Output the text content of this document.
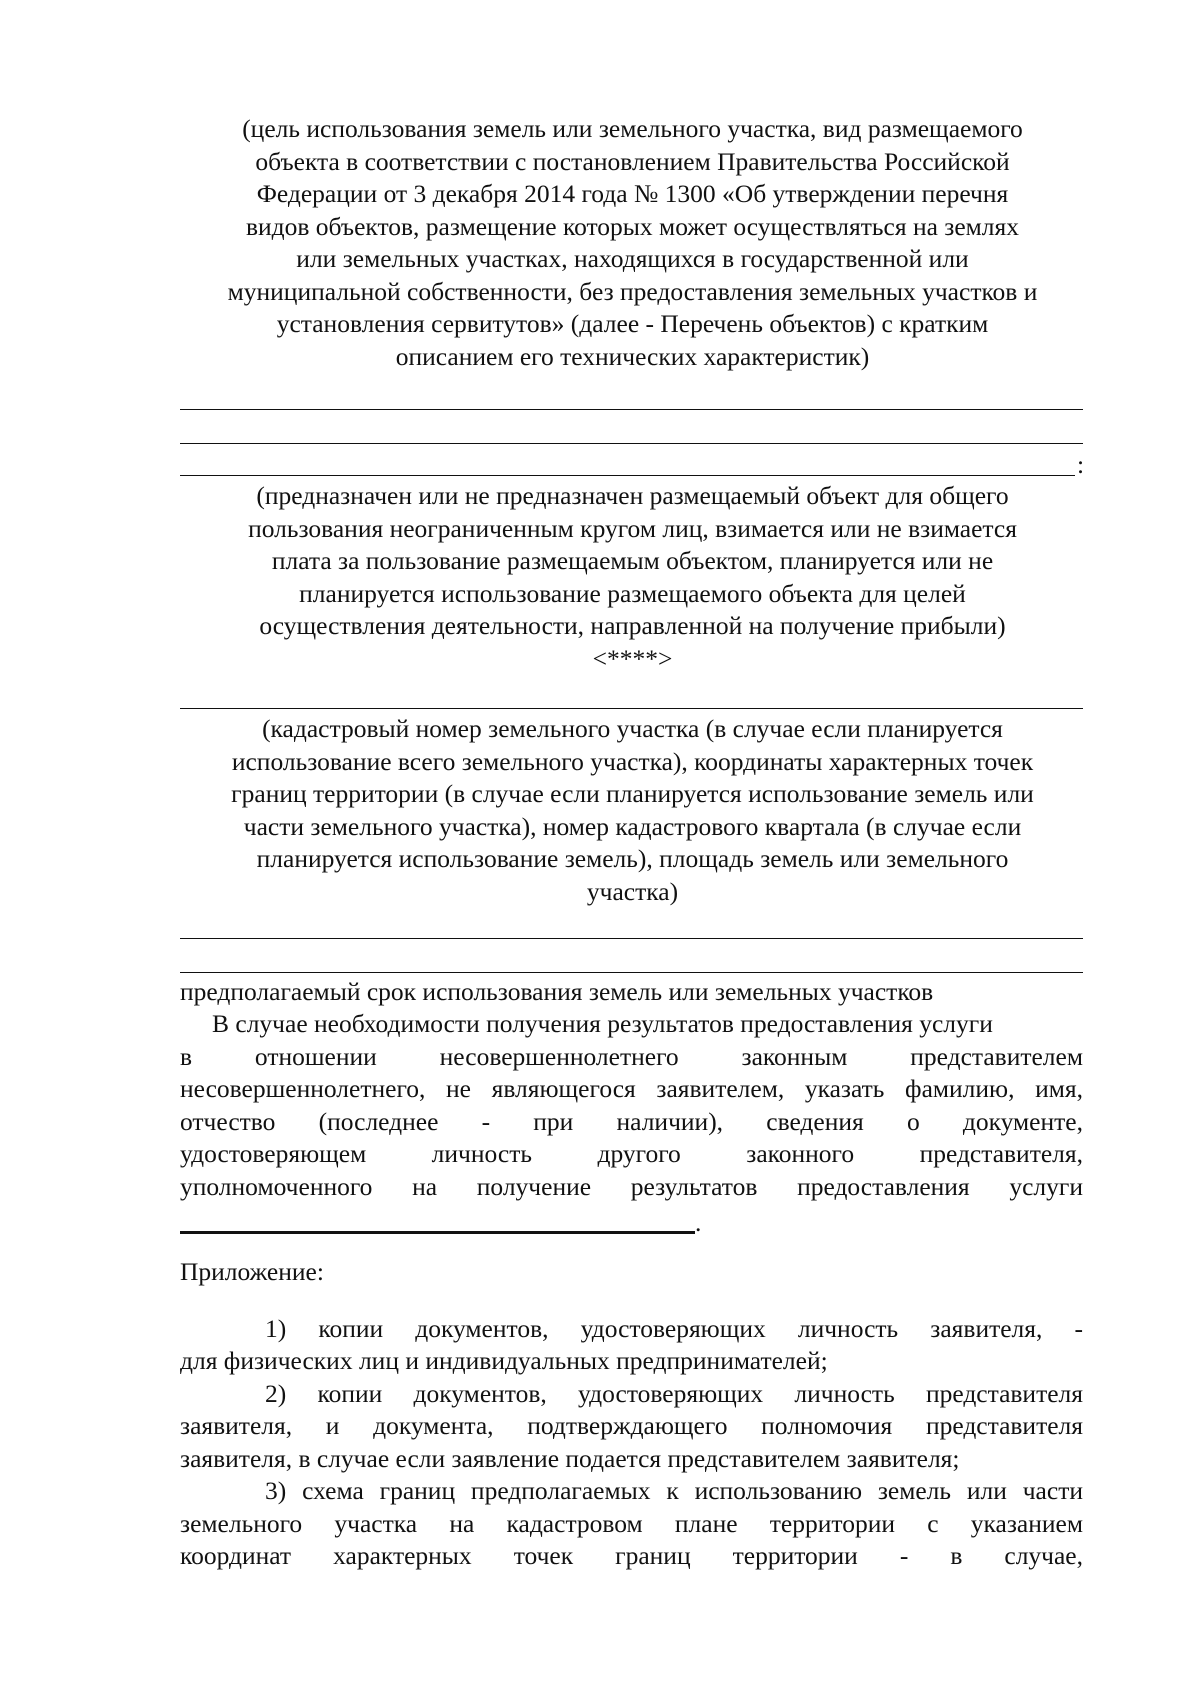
(цель использования земель или земельного участка, вид размещаемого
объекта в соответствии с постановлением Правительства Российской
Федерации от 3 декабря 2014 года № 1300 «Об утверждении перечня
видов объектов, размещение которых может осуществляться на землях
или земельных участках, находящихся в государственной или
муниципальной собственности, без предоставления земельных участков и
установления сервитутов» (далее - Перечень объектов) с кратким
описанием его технических характеристик)
:
(предназначен или не предназначен размещаемый объект для общего
пользования неограниченным кругом лиц, взимается или не взимается
плата за пользование размещаемым объектом, планируется или не
планируется использование размещаемого объекта для целей
осуществления деятельности, направленной на получение прибыли)
<****>
(кадастровый номер земельного участка (в случае если планируется
использование всего земельного участка), координаты характерных точек
границ территории (в случае если планируется использование земель или
части земельного участка), номер кадастрового квартала (в случае если
планируется использование земель), площадь земель или земельного
участка)
предполагаемый срок использования земель или земельных участков
В случае необходимости получения результатов предоставления услуги
в отношении несовершеннолетнего законным представителем
несовершеннолетнего, не являющегося заявителем, указать фамилию, имя,
отчество (последнее - при наличии), сведения о документе,
удостоверяющем личность другого законного представителя,
уполномоченного на получение результатов предоставления услуги
.
Приложение:
1) копии документов, удостоверяющих личность заявителя, -
для физических лиц и индивидуальных предпринимателей;
2) копии документов, удостоверяющих личность представителя
заявителя, и документа, подтверждающего полномочия представителя
заявителя, в случае если заявление подается представителем заявителя;
3) схема границ предполагаемых к использованию земель или части
земельного участка на кадастровом плане территории с указанием
координат характерных точек границ территории - в случае,
